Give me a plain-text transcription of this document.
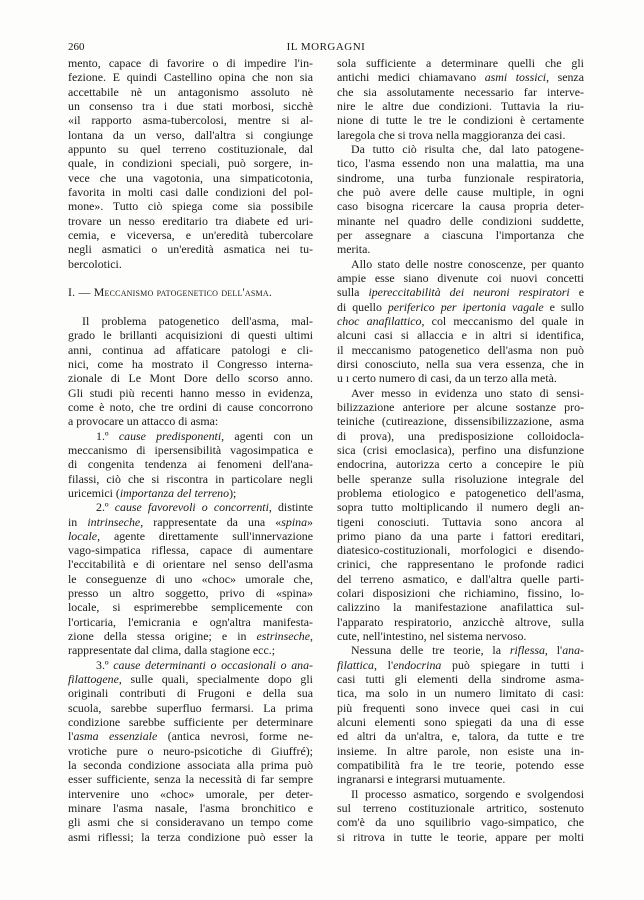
260	IL MORGAGNI
mento, capace di favorire o di impedire l'in-
fezione. E quindi Castellino opina che non sia
accettabile nè un antagonismo assoluto nè
un consenso tra i due stati morbosi, sicchè
«il rapporto asma-tubercolosi, mentre si al-
lontana da un verso, dall'altra si congiunge
appunto su quel terreno costituzionale, dal
quale, in condizioni speciali, può sorgere, in-
vece che una vagotonia, una simpaticotonia,
favorita in molti casi dalle condizioni del pol-
mone». Tutto ciò spiega come sia possibile
trovare un nesso ereditario tra diabete ed uri-
cemia, e viceversa, e un'eredità tubercolare
negli asmatici o un'eredità asmatica nei tu-
bercolotici.
I. — Meccanismo patogenetico dell'asma.
Il problema patogenetico dell'asma, mal-
grado le brillanti acquisizioni di questi ultimi
anni, continua ad affaticare patologi e cli-
nici, come ha mostrato il Congresso interna-
zionale di Le Mont Dore dello scorso anno.
Gli studi più recenti hanno messo in evidenza,
come è noto, che tre ordini di cause concorrono
a provocare un attacco di asma:
1.º cause predisponenti, agenti con un
meccanismo di ipersensibilità vagosimpatica e
di congenita tendenza ai fenomeni dell'ana-
filassi, ciò che si riscontra in particolare negli
uricemici (importanza del terreno);
2.º cause favorevoli o concorrenti, distinte
in intrinseche, rappresentate da una «spina»
locale, agente direttamente sull'innervazione
vago-simpatica riflessa, capace di aumentare
l'eccitabilità e di orientare nel senso dell'asma
le conseguenze di uno «choc» umorale che,
presso un altro soggetto, privo di «spina»
locale, si esprimerebbe semplicemente con
l'orticaria, l'emicrania e ogn'altra manifesta-
zione della stessa origine; e in estrinseche,
rappresentate dal clima, dalla stagione ecc.;
3.º cause determinanti o occasionali o ana-
filattogene, sulle quali, specialmente dopo gli
originali contributi di Frugoni e della sua
scuola, sarebbe superfluo fermarsi. La prima
condizione sarebbe sufficiente per determinare
l'asma essenziale (antica nevrosi, forme ne-
vrotiche pure o neuro-psicotiche di Giuffré);
la seconda condizione associata alla prima può
esser sufficiente, senza la necessità di far sempre
intervenire uno «choc» umorale, per deter-
minare l'asma nasale, l'asma bronchitico e
gli asmi che si consideravano un tempo come
asmi riflessi; la terza condizione può esser la
sola sufficiente a determinare quelli che gli
antichi medici chiamavano asmi tossici, senza
che sia assolutamente necessario far interve-
nire le altre due condizioni. Tuttavia la riu-
nione di tutte le tre le condizioni è certamente
laregola che si trova nella maggioranza dei casi.
Da tutto ciò risulta che, dal lato patogene-
tico, l'asma essendo non una malattia, ma una
sindrome, una turba funzionale respiratoria,
che può avere delle cause multiple, in ogni
caso bisogna ricercare la causa propria deter-
minante nel quadro delle condizioni suddette,
per assegnare a ciascuna l'importanza che
merita.
Allo stato delle nostre conoscenze, per quanto
ampie esse siano divenute coi nuovi concetti
sulla ipereccitabilità dei neuroni respiratori e
di quello periferico per ipertonia vagale e sullo
choc anafilattico, col meccanismo del quale in
alcuni casi si allaccia e in altri si identifica,
il meccanismo patogenetico dell'asma non può
dirsi conosciuto, nella sua vera essenza, che in
u ı certo numero di casi, da un terzo alla metà.
Aver messo in evidenza uno stato di sensi-
bilizzazione anteriore per alcune sostanze pro-
teiniche (cutireazione, dissensibilizzazione, asma
di prova), una predisposizione colloidocla-
sica (crisi emoclasica), perfino una disfunzione
endocrina, autorizza certo a concepire le più
belle speranze sulla risoluzione integrale del
problema etiologico e patogenetico dell'asma,
sopra tutto moltiplicando il numero degli an-
tigeni conosciuti. Tuttavia sono ancora al
primo piano da una parte i fattori ereditari,
diatesico-costituzionali, morfologici e disendo-
crinici, che rappresentano le profonde radici
del terreno asmatico, e dall'altra quelle parti-
colari disposizioni che richiamino, fissino, lo-
calizzino la manifestazione anafilattica sul-
l'apparato respiratorio, anzicchè altrove, sulla
cute, nell'intestino, nel sistema nervoso.
Nessuna delle tre teorie, la riflessa, l'ana-
filattica, l'endocrina può spiegare in tutti i
casi tutti gli elementi della sindrome asma-
tica, ma solo in un numero limitato di casi:
più frequenti sono invece quei casi in cui
alcuni elementi sono spiegati da una di esse
ed altri da un'altra, e, talora, da tutte e tre
insieme. In altre parole, non esiste una in-
compatibilità fra le tre teorie, potendo esse
ingranarsi e integrarsi mutuamente.
Il processo asmatico, sorgendo e svolgendosi
sul terreno costituzionale artritico, sostenuto
com'è da uno squilibrio vago-simpatico, che
si ritrova in tutte le teorie, appare per molti
